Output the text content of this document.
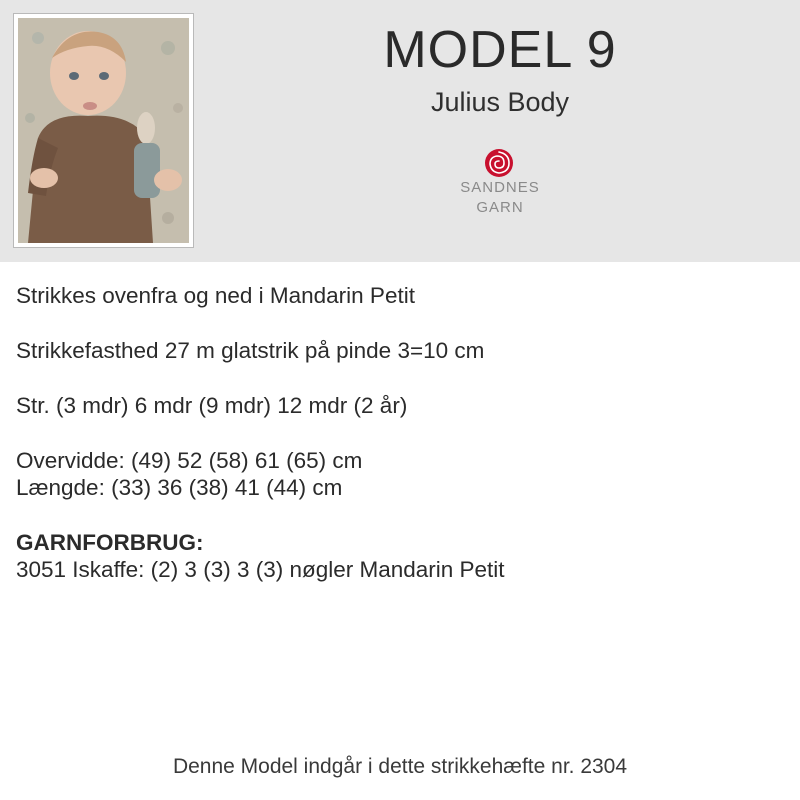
MODEL 9
Julius Body
SANDNES
GARN
Strikkes ovenfra og ned i Mandarin Petit
Strikkefasthed 27 m glatstrik på pinde 3=10 cm
Str. (3 mdr) 6 mdr (9 mdr) 12 mdr (2 år)
Overvidde: (49) 52 (58) 61 (65) cm
Længde: (33) 36 (38) 41 (44) cm
GARNFORBRUG:
3051 Iskaffe: (2) 3 (3) 3 (3) nøgler Mandarin Petit
Denne Model indgår i dette strikkehæfte nr. 2304
